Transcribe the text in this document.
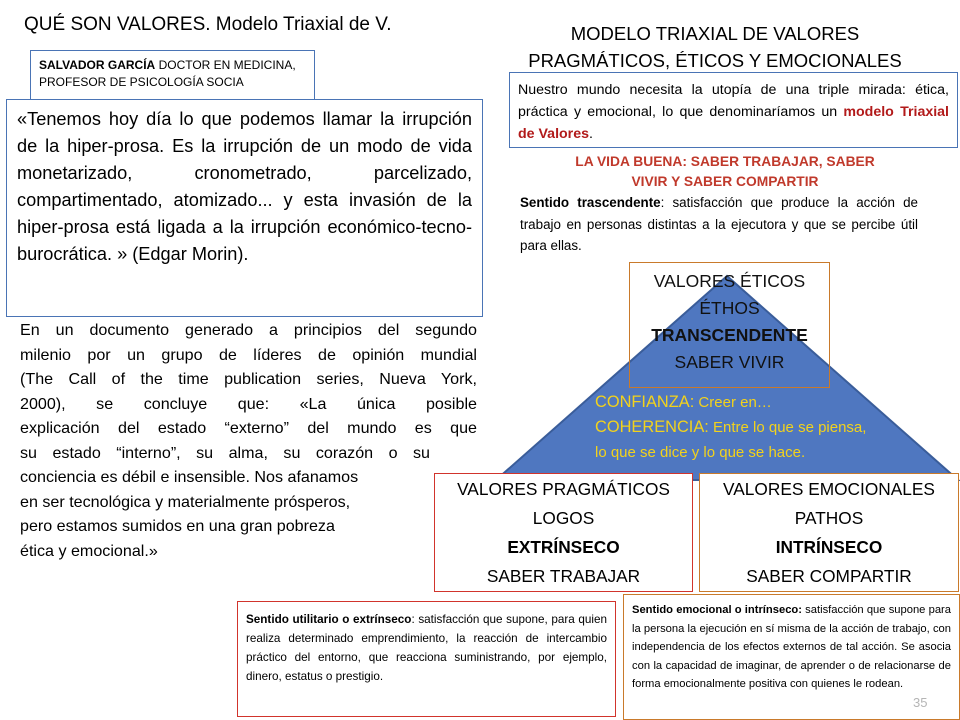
QUÉ SON VALORES. Modelo Triaxial de V.	MODELO TRIAXIAL DE VALORES
PRAGMÁTICOS, ÉTICOS Y EMOCIONALES
SALVADOR GARCÍA DOCTOR EN MEDICINA,
PROFESOR DE PSICOLOGÍA SOCIA
«Tenemos hoy día lo que podemos llamar la irrupción de la hiper-prosa. Es la irrupción de un modo de vida monetarizado, cronometrado, parcelizado, compartimentado, atomizado... y esta invasión de la hiper-prosa está ligada a la irrupción económico-tecno-burocrática. » (Edgar Morin).
En un documento generado a principios del segundo
milenio por un grupo de líderes de opinión mundial
(The Call of the time publication series, Nueva York,
2000), se concluye que: «La única posible
explicación del estado “externo” del mundo es que
su estado “interno”, su alma, su corazón o su
conciencia es débil e insensible. Nos afanamos
en ser tecnológica y materialmente prósperos,
pero estamos sumidos en una gran pobreza
ética y emocional.»
Nuestro mundo necesita la utopía de una triple mirada: ética, práctica y emocional, lo que denominaríamos un modelo Triaxial de Valores.
LA VIDA BUENA: SABER TRABAJAR, SABER
VIVIR Y SABER COMPARTIR
Sentido trascendente: satisfacción que produce la acción de trabajo en personas distintas a la ejecutora y que se percibe útil para ellas.
VALORES ÉTICOS
ÉTHOS
TRANSCENDENTE
SABER VIVIR
CONFIANZA: Creer en…
COHERENCIA: Entre lo que se piensa,
lo que se dice y lo que se hace.
VALORES PRAGMÁTICOS
LOGOS
EXTRÍNSECO
SABER TRABAJAR
VALORES EMOCIONALES
PATHOS
INTRÍNSECO
SABER COMPARTIR
Sentido utilitario o extrínseco: satisfacción que supone, para quien realiza determinado emprendimiento, la reacción de intercambio práctico del entorno, que reacciona suministrando, por ejemplo, dinero, estatus o prestigio.
Sentido emocional o intrínseco: satisfacción que supone para la persona la ejecución en sí misma de la acción de trabajo, con independencia de los efectos externos de tal acción. Se asocia con la capacidad de imaginar, de aprender o de relacionarse de forma emocionalmente positiva con quienes le rodean.
35
